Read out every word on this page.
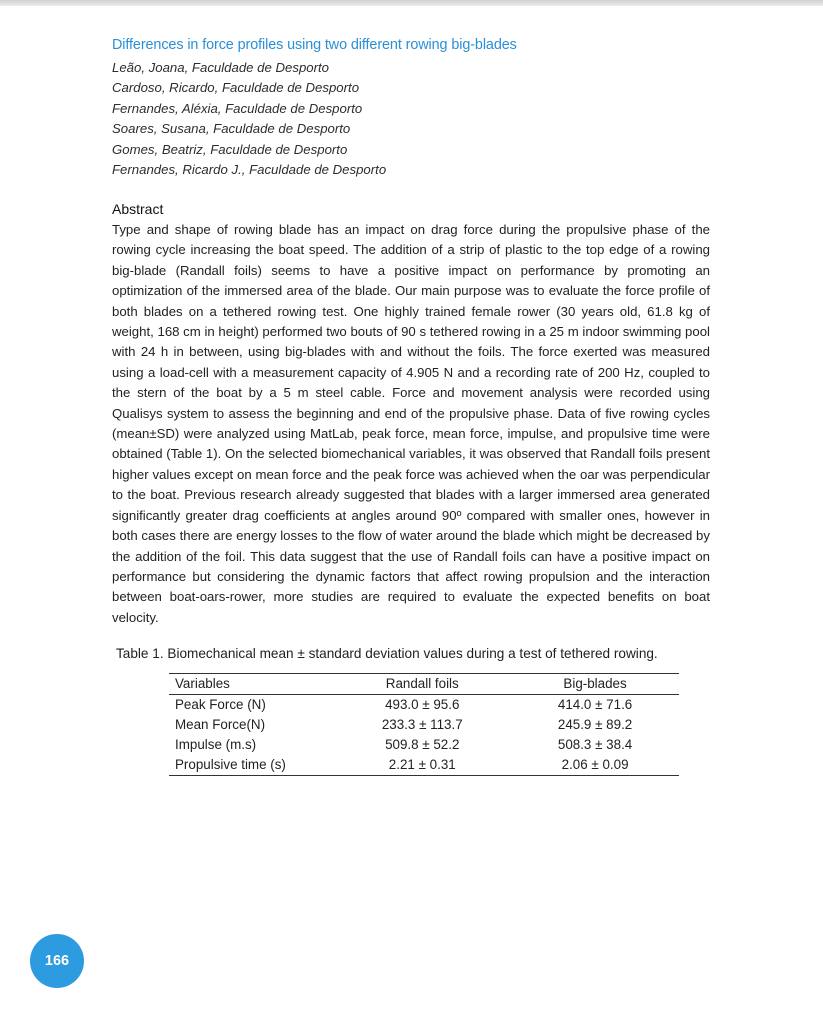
Differences in force profiles using two different rowing big-blades
Leão, Joana, Faculdade de Desporto
Cardoso, Ricardo, Faculdade de Desporto
Fernandes, Aléxia, Faculdade de Desporto
Soares, Susana, Faculdade de Desporto
Gomes, Beatriz, Faculdade de Desporto
Fernandes, Ricardo J., Faculdade de Desporto
Abstract
Type and shape of rowing blade has an impact on drag force during the propulsive phase of the rowing cycle increasing the boat speed. The addition of a strip of plastic to the top edge of a rowing big-blade (Randall foils) seems to have a positive impact on performance by promoting an optimization of the immersed area of the blade. Our main purpose was to evaluate the force profile of both blades on a tethered rowing test. One highly trained female rower (30 years old, 61.8 kg of weight, 168 cm in height) performed two bouts of 90 s tethered rowing in a 25 m indoor swimming pool with 24 h in between, using big-blades with and without the foils. The force exerted was measured using a load-cell with a measurement capacity of 4.905 N and a recording rate of 200 Hz, coupled to the stern of the boat by a 5 m steel cable. Force and movement analysis were recorded using Qualisys system to assess the beginning and end of the propulsive phase. Data of five rowing cycles (mean±SD) were analyzed using MatLab, peak force, mean force, impulse, and propulsive time were obtained (Table 1). On the selected biomechanical variables, it was observed that Randall foils present higher values except on mean force and the peak force was achieved when the oar was perpendicular to the boat. Previous research already suggested that blades with a larger immersed area generated significantly greater drag coefficients at angles around 90º compared with smaller ones, however in both cases there are energy losses to the flow of water around the blade which might be decreased by the addition of the foil. This data suggest that the use of Randall foils can have a positive impact on performance but considering the dynamic factors that affect rowing propulsion and the interaction between boat-oars-rower, more studies are required to evaluate the expected benefits on boat velocity.
Table 1. Biomechanical mean ± standard deviation values during a test of tethered rowing.
Variables	Randall foils	Big-blades
Peak Force (N)	493.0 ± 95.6	414.0 ± 71.6
Mean Force(N)	233.3 ± 113.7	245.9 ± 89.2
Impulse (m.s)	509.8 ± 52.2	508.3 ± 38.4
Propulsive time (s)	2.21 ± 0.31	2.06 ± 0.09
166
